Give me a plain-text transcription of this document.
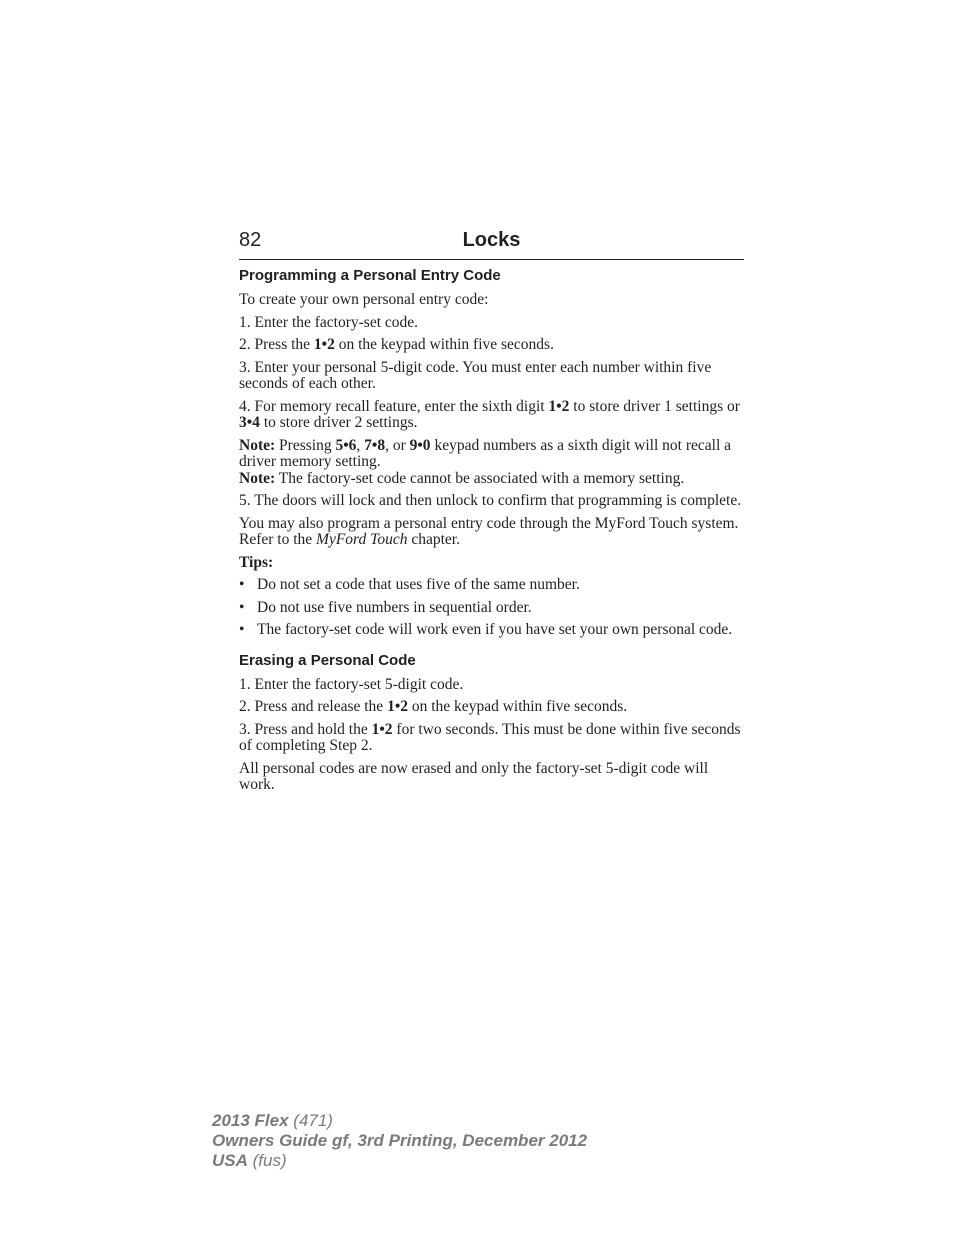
82	Locks
Programming a Personal Entry Code

To create your own personal entry code:

1. Enter the factory-set code.

2. Press the 1•2 on the keypad within five seconds.

3. Enter your personal 5-digit code. You must enter each number within five seconds of each other.

4. For memory recall feature, enter the sixth digit 1•2 to store driver 1 settings or 3•4 to store driver 2 settings.

Note: Pressing 5•6, 7•8, or 9•0 keypad numbers as a sixth digit will not recall a driver memory setting.

Note: The factory-set code cannot be associated with a memory setting.

5. The doors will lock and then unlock to confirm that programming is complete.

You may also program a personal entry code through the MyFord Touch system. Refer to the MyFord Touch chapter.

Tips:

• Do not set a code that uses five of the same number.
• Do not use five numbers in sequential order.
• The factory-set code will work even if you have set your own personal code.
Erasing a Personal Code

1. Enter the factory-set 5-digit code.

2. Press and release the 1•2 on the keypad within five seconds.

3. Press and hold the 1•2 for two seconds. This must be done within five seconds of completing Step 2.

All personal codes are now erased and only the factory-set 5-digit code will work.

2013 Flex (471)
Owners Guide gf, 3rd Printing, December 2012
USA (fus)
